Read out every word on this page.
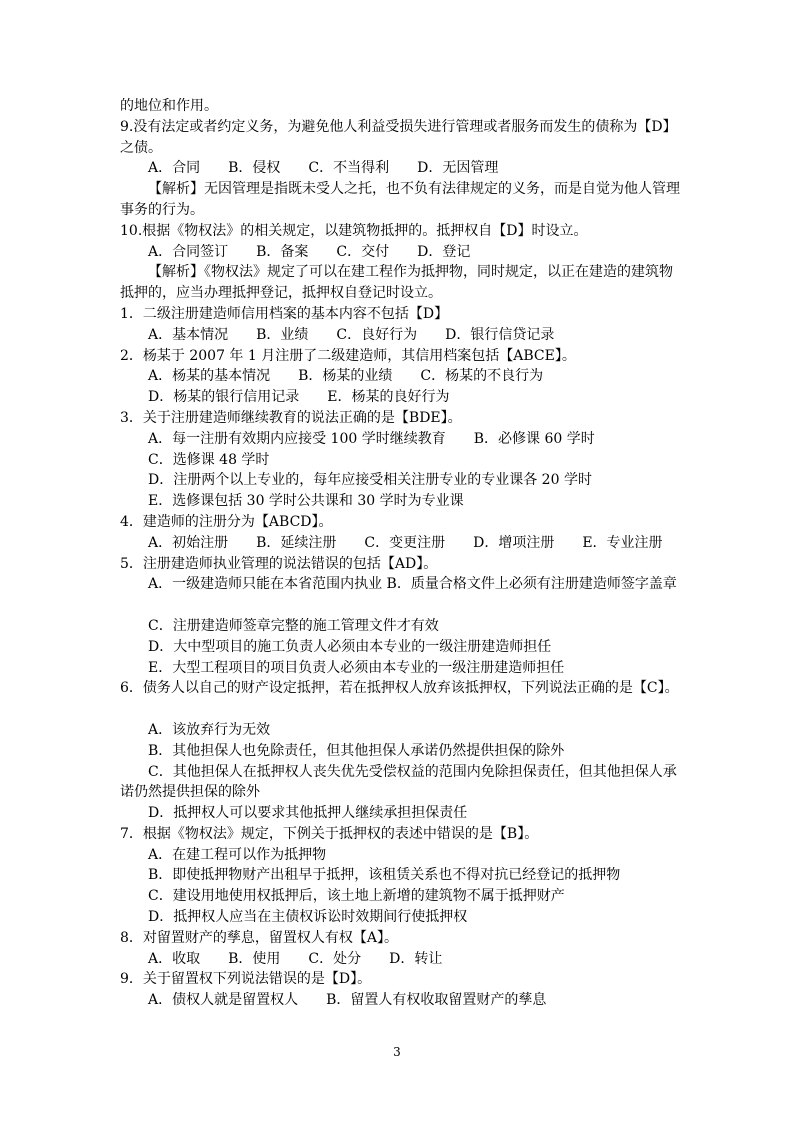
的地位和作用。
9.没有法定或者约定义务，为避免他人利益受损失进行管理或者服务而发生的债称为【D】
之债。
A．合同　　B．侵权　　C．不当得利　　D．无因管理
【解析】无因管理是指既未受人之托，也不负有法律规定的义务，而是自觉为他人管理
事务的行为。
10.根据《物权法》的相关规定，以建筑物抵押的。抵押权自【D】时设立。
A．合同签订　　B．备案　　C．交付　　D．登记
【解析】《物权法》规定了可以在建工程作为抵押物，同时规定，以正在建造的建筑物
抵押的，应当办理抵押登记，抵押权自登记时设立。
1．二级注册建造师信用档案的基本内容不包括【D】
A．基本情况　　B．业绩　　C．良好行为　　D．银行信贷记录
2．杨某于 2007 年 1 月注册了二级建造师，其信用档案包括【ABCE】。
A．杨某的基本情况　　B．杨某的业绩　　C．杨某的不良行为
D．杨某的银行信用记录　　E．杨某的良好行为
3．关于注册建造师继续教育的说法正确的是【BDE】。
A．每一注册有效期内应接受 100 学时继续教育　　B．必修课 60 学时
C．选修课 48 学时
D．注册两个以上专业的，每年应接受相关注册专业的专业课各 20 学时
E．选修课包括 30 学时公共课和 30 学时为专业课
4．建造师的注册分为【ABCD】。
A．初始注册　　B．延续注册　　C．变更注册　　D．增项注册　　E．专业注册
5．注册建造师执业管理的说法错误的包括【AD】。
A．一级建造师只能在本省范围内执业 B．质量合格文件上必须有注册建造师签字盖章
C．注册建造师签章完整的施工管理文件才有效
D．大中型项目的施工负责人必须由本专业的一级注册建造师担任
E．大型工程项目的项目负责人必须由本专业的一级注册建造师担任
6．债务人以自己的财产设定抵押，若在抵押权人放弃该抵押权，下列说法正确的是【C】。
A．该放弃行为无效
B．其他担保人也免除责任，但其他担保人承诺仍然提供担保的除外
C．其他担保人在抵押权人丧失优先受偿权益的范围内免除担保责任，但其他担保人承
诺仍然提供担保的除外
D．抵押权人可以要求其他抵押人继续承担担保责任
7．根据《物权法》规定，下例关于抵押权的表述中错误的是【B】。
A．在建工程可以作为抵押物
B．即使抵押物财产出租早于抵押，该租赁关系也不得对抗已经登记的抵押物
C．建设用地使用权抵押后，该土地上新增的建筑物不属于抵押财产
D．抵押权人应当在主债权诉讼时效期间行使抵押权
8．对留置财产的孳息，留置权人有权【A】。
A．收取　　B．使用　　C．处分　　D．转让
9．关于留置权下列说法错误的是【D】。
A．债权人就是留置权人　　B．留置人有权收取留置财产的孳息
3
